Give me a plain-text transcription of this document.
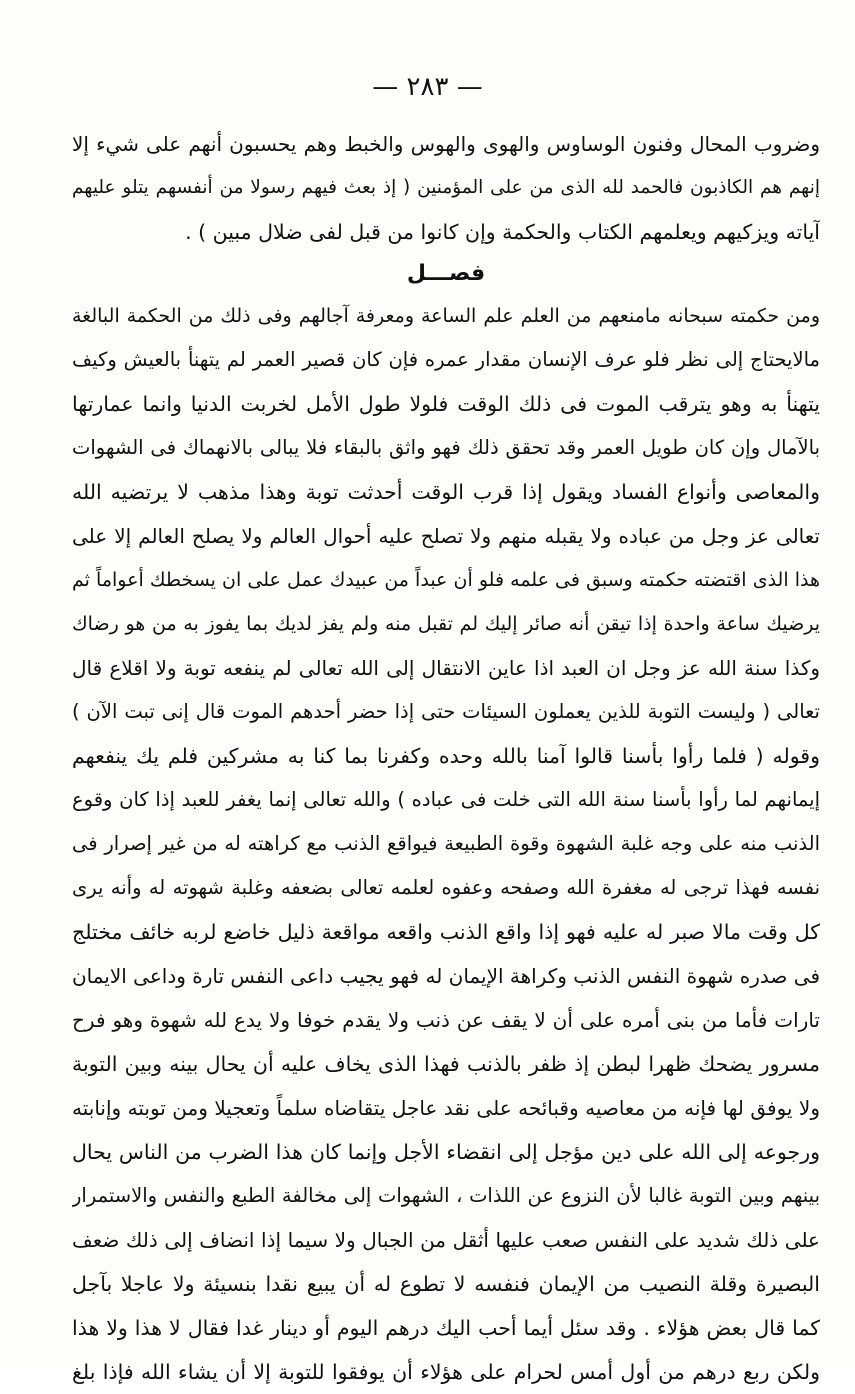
— ٢٨٣ —
وضروب المحال وفنون الوساوس والهوى والهوس والخبط وهم يحسبون أنهم على شيء إلا
إنهم هم الكاذبون فالحمد لله الذى من على المؤمنين ( إذ بعث فيهم رسولا من أنفسهم يتلو عليهم
آياته ويزكيهم ويعلمهم الكتاب والحكمة وإن كانوا من قبل لفى ضلال مبين ) .
فصـــل
ومن حكمته سبحانه مامنعهم من العلم علم الساعة ومعرفة آجالهم وفى ذلك من الحكمة البالغة
مالايحتاج إلى نظر فلو عرف الإنسان مقدار عمره فإن كان قصير العمر لم يتهنأ بالعيش وكيف
يتهنأ به وهو يترقب الموت فى ذلك الوقت فلولا طول الأمل لخربت الدنيا وانما عمارتها
بالآمال وإن كان طويل العمر وقد تحقق ذلك فهو واثق بالبقاء فلا يبالى بالانهماك فى الشهوات
والمعاصى وأنواع الفساد ويقول إذا قرب الوقت أحدثت توبة وهذا مذهب لا يرتضيه الله
تعالى عز وجل من عباده ولا يقبله منهم ولا تصلح عليه أحوال العالم ولا يصلح العالم إلا على
هذا الذى اقتضته حكمته وسبق فى علمه فلو أن عبداً من عبيدك عمل على ان يسخطك أعواماً ثم
يرضيك ساعة واحدة إذا تيقن أنه صائر إليك لم تقبل منه ولم يفز لديك بما يفوز به من هو رضاك
وكذا سنة الله عز وجل ان العبد اذا عاين الانتقال إلى الله تعالى لم ينفعه توبة ولا اقلاع قال
تعالى ( وليست التوبة للذين يعملون السيئات حتى إذا حضر أحدهم الموت قال إنى تبت الآن )
وقوله ( فلما رأوا بأسنا قالوا آمنا بالله وحده وكفرنا بما كنا به مشركين فلم يك ينفعهم
إيمانهم لما رأوا بأسنا سنة الله التى خلت فى عباده ) والله تعالى إنما يغفر للعبد إذا كان وقوع
الذنب منه على وجه غلبة الشهوة وقوة الطبيعة فيواقع الذنب مع كراهته له من غير إصرار فى
نفسه فهذا ترجى له مغفرة الله وصفحه وعفوه لعلمه تعالى بضعفه وغلبة شهوته له وأنه يرى
كل وقت مالا صبر له عليه فهو إذا واقع الذنب واقعه مواقعة ذليل خاضع لربه خائف مختلج
فى صدره شهوة النفس الذنب وكراهة الإيمان له فهو يجيب داعى النفس تارة وداعى الايمان
تارات فأما من بنى أمره على أن لا يقف عن ذنب ولا يقدم خوفا ولا يدع لله شهوة وهو فرح
مسرور يضحك ظهرا لبطن إذ ظفر بالذنب فهذا الذى يخاف عليه أن يحال بينه وبين التوبة
ولا يوفق لها فإنه من معاصيه وقبائحه على نقد عاجل يتقاضاه سلماً وتعجيلا ومن توبته وإنابته
ورجوعه إلى الله على دين مؤجل إلى انقضاء الأجل وإنما كان هذا الضرب من الناس يحال
بينهم وبين التوبة غالبا لأن النزوع عن اللذات ، الشهوات إلى مخالفة الطبع والنفس والاستمرار
على ذلك شديد على النفس صعب عليها أثقل من الجبال ولا سيما إذا انضاف إلى ذلك ضعف
البصيرة وقلة النصيب من الإيمان فنفسه لا تطوع له أن يبيع نقدا بنسيئة ولا عاجلا بآجل
كما قال بعض هؤلاء . وقد سئل أيما أحب اليك درهم اليوم أو دينار غدا فقال لا هذا ولا هذا
ولكن ربع درهم من أول أمس لحرام على هؤلاء أن يوفقوا للتوبة إلا أن يشاء الله فإذا بلغ
